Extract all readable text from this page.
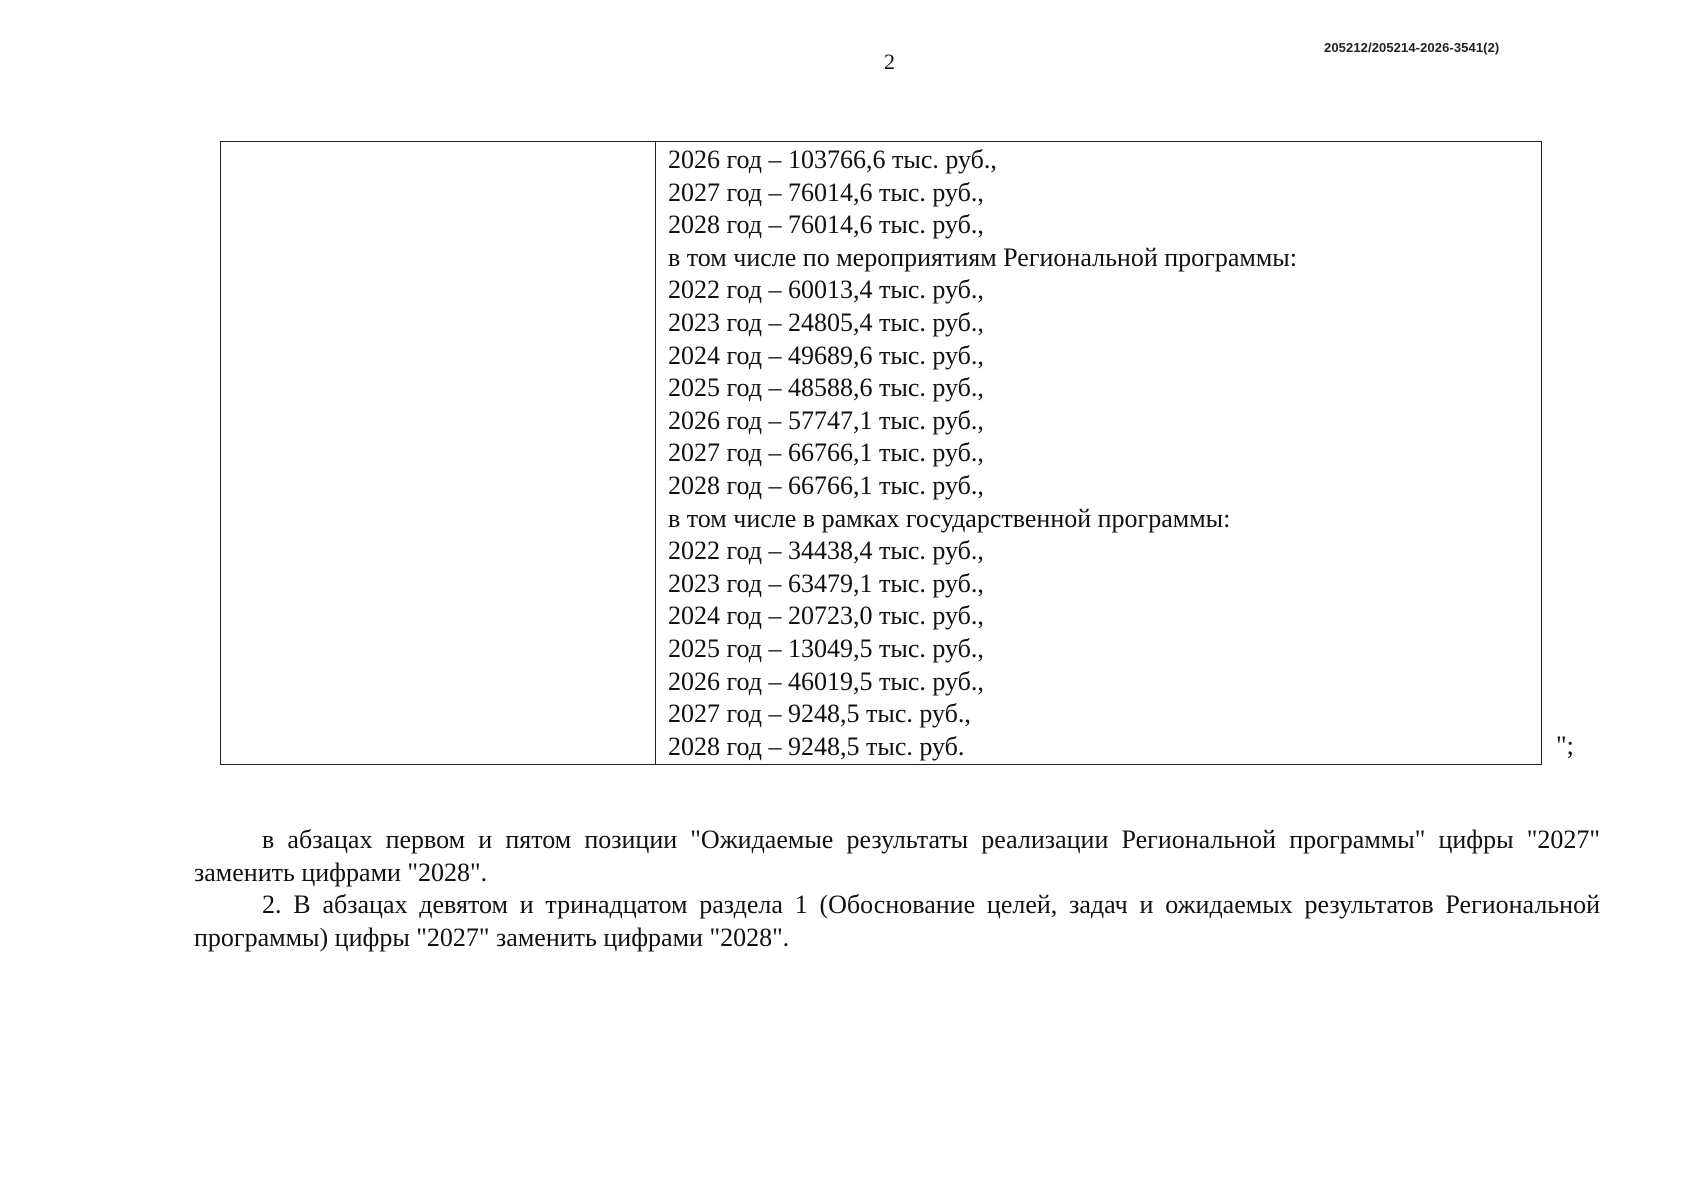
2
205212/205214-2026-3541(2)
2026 год – 103766,6 тыс. руб.,
2027 год – 76014,6 тыс. руб.,
2028 год – 76014,6 тыс. руб.,
в том числе по мероприятиям Региональной программы:
2022 год – 60013,4 тыс. руб.,
2023 год – 24805,4 тыс. руб.,
2024 год – 49689,6 тыс. руб.,
2025 год – 48588,6 тыс. руб.,
2026 год – 57747,1 тыс. руб.,
2027 год – 66766,1 тыс. руб.,
2028 год – 66766,1 тыс. руб.,
в том числе в рамках государственной программы:
2022 год – 34438,4 тыс. руб.,
2023 год – 63479,1 тыс. руб.,
2024 год – 20723,0 тыс. руб.,
2025 год – 13049,5 тыс. руб.,
2026 год – 46019,5 тыс. руб.,
2027 год – 9248,5 тыс. руб.,
2028 год – 9248,5 тыс. руб.	";

в абзацах первом и пятом позиции "Ожидаемые результаты реализации Региональной программы" цифры "2027" заменить цифрами "2028".

2. В абзацах девятом и тринадцатом раздела 1 (Обоснование целей, задач и ожидаемых результатов Региональной программы) цифры "2027" заменить цифрами "2028".
